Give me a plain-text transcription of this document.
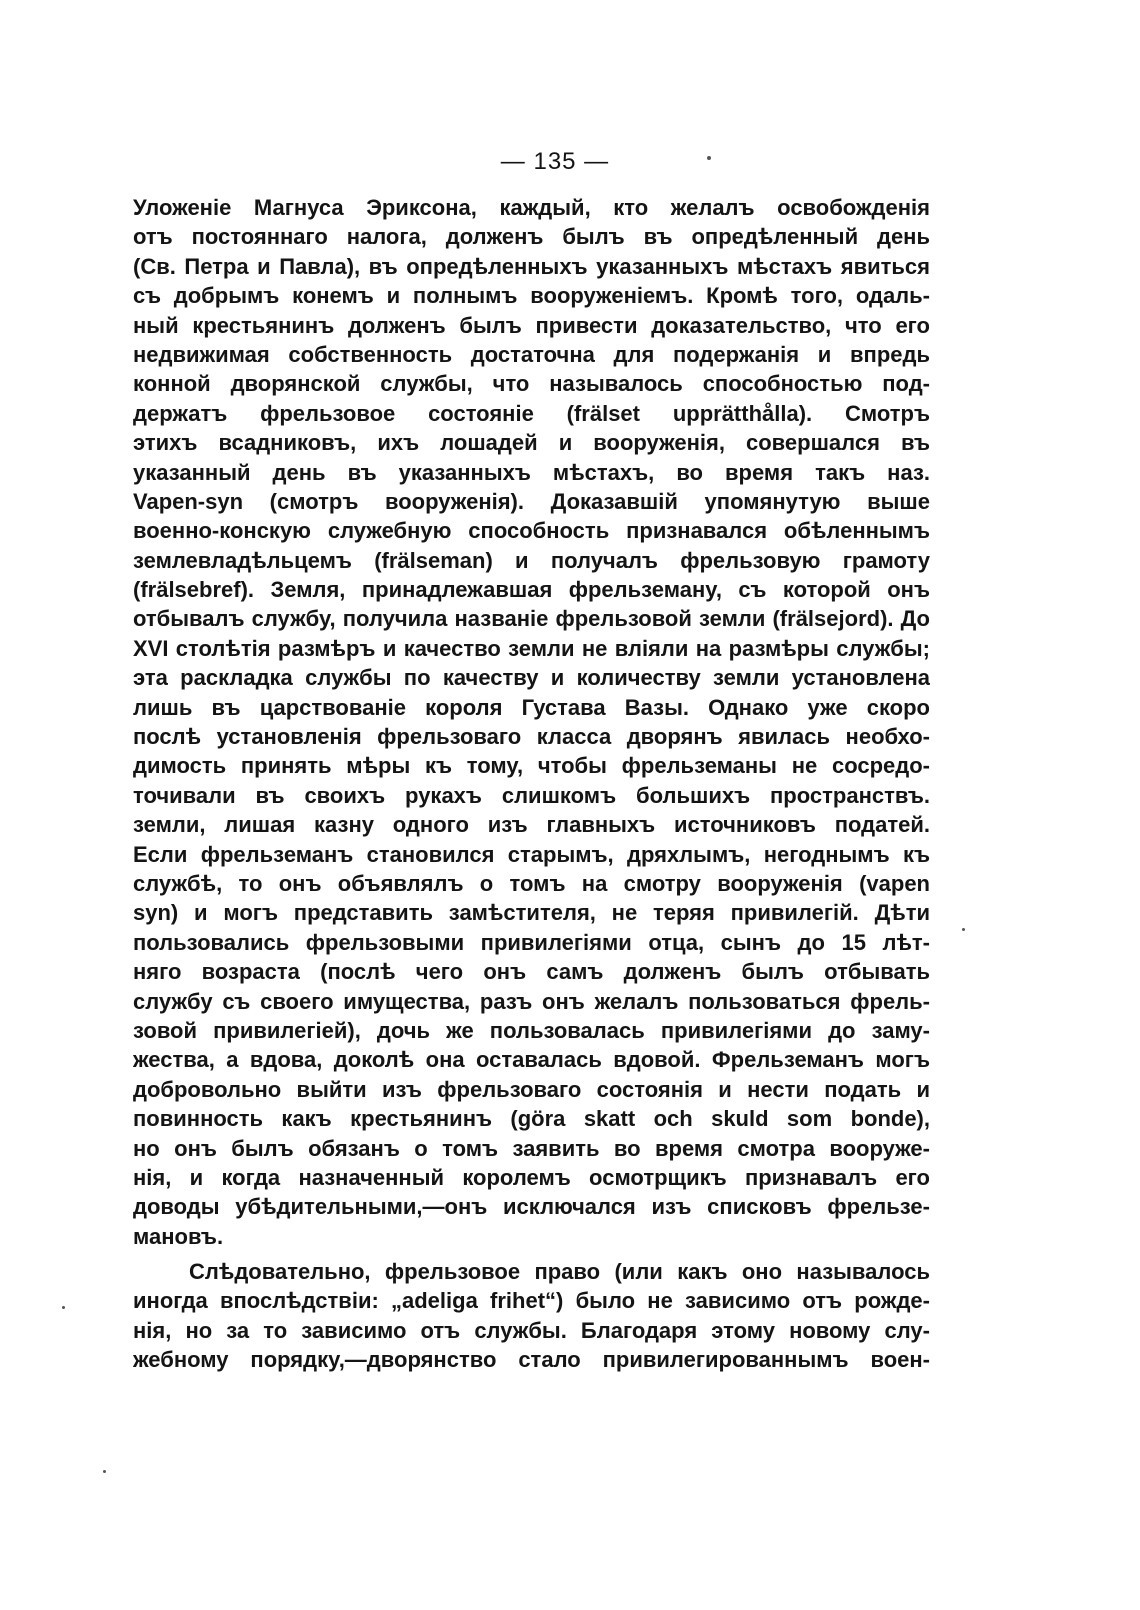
— 135 —
Уложеніе Магнуса Эриксона, каждый, кто желалъ освобожденія
отъ постояннаго налога, долженъ былъ въ опредѣленный день
(Св. Петра и Павла), въ опредѣленныхъ указанныхъ мѣстахъ явиться
съ добрымъ конемъ и полнымъ вооруженіемъ. Кромѣ того, одаль-
ный крестьянинъ долженъ былъ привести доказательство, что его
недвижимая собственность достаточна для подержанія и впредь
конной дворянской службы, что называлось способностью под-
держатъ фрельзовое состояніе (frälset upprätthålla). Смотръ
этихъ всадниковъ, ихъ лошадей и вооруженія, совершался въ
указанный день въ указанныхъ мѣстахъ, во время такъ наз.
Vapen-syn (смотръ вооруженія). Доказавшій упомянутую выше
военно-конскую служебную способность признавался обѣленнымъ
землевладѣльцемъ (frälseman) и получалъ фрельзовую грамоту
(frälsebref). Земля, принадлежавшая фрельземану, съ которой онъ
отбывалъ службу, получила названіе фрельзовой земли (frälsejord). До
XVI столѣтія размѣръ и качество земли не вліяли на размѣры службы;
эта раскладка службы по качеству и количеству земли установлена
лишь въ царствованіе короля Густава Вазы. Однако уже скоро
послѣ установленія фрельзоваго класса дворянъ явилась необхо-
димость принять мѣры къ тому, чтобы фрельземаны не сосредо-
точивали въ своихъ рукахъ слишкомъ большихъ пространствъ.
земли, лишая казну одного изъ главныхъ источниковъ податей.
Если фрельземанъ становился старымъ, дряхлымъ, негоднымъ къ
службѣ, то онъ объявлялъ о томъ на смотру вооруженія (vapen
syn) и могъ представить замѣстителя, не теряя привилегій. Дѣти
пользовались фрельзовыми привилегіями отца, сынъ до 15 лѣт-
няго возраста (послѣ чего онъ самъ долженъ былъ отбывать
службу съ своего имущества, разъ онъ желалъ пользоваться фрель-
зовой привилегіей), дочь же пользовалась привилегіями до заму-
жества, а вдова, доколѣ она оставалась вдовой. Фрельземанъ могъ
добровольно выйти изъ фрельзоваго состоянія и нести подать и
повинность какъ крестьянинъ (göra skatt och skuld som bonde),
но онъ былъ обязанъ о томъ заявить во время смотра вооруже-
нія, и когда назначенный королемъ осмотрщикъ признавалъ его
доводы убѣдительными,—онъ исключался изъ списковъ фрельзе-
мановъ.
Слѣдовательно, фрельзовое право (или какъ оно называлось
иногда впослѣдствіи: „adeliga frihet“) было не зависимо отъ рожде-
нія, но за то зависимо отъ службы. Благодаря этому новому слу-
жебному порядку,—дворянство стало привилегированнымъ воен-
